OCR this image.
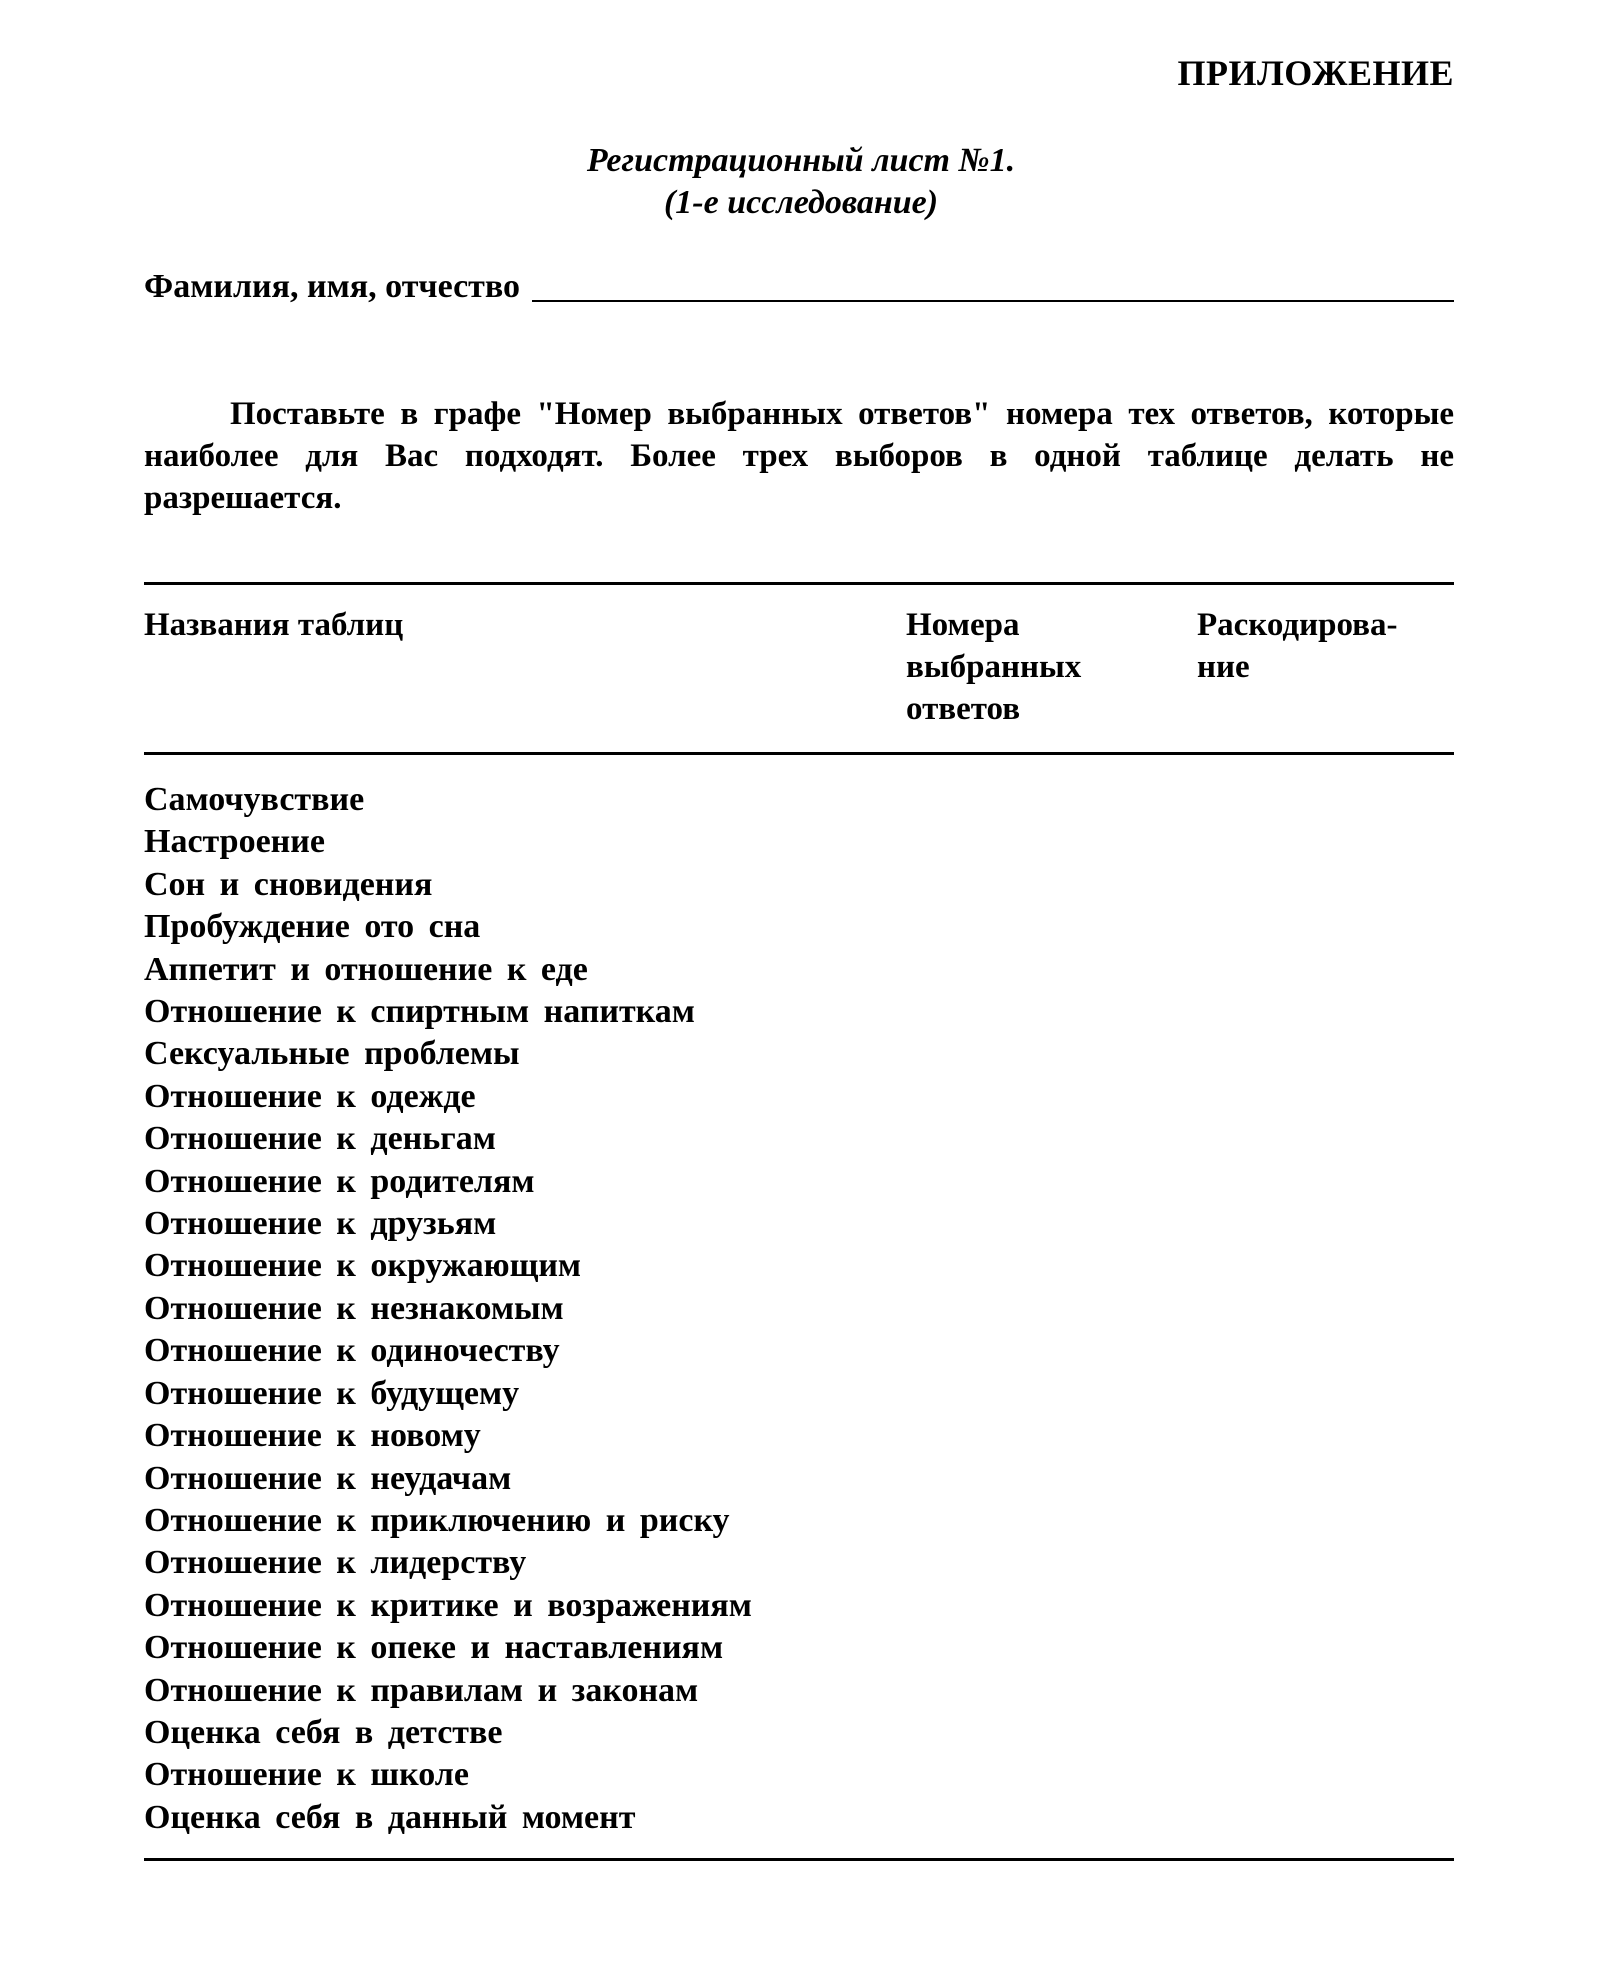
ПРИЛОЖЕНИЕ
Регистрационный лист №1.
(1-е исследование)
Фамилия, имя, отчество
Поставьте в графе "Номер выбранных ответов" номера тех ответов, которые наиболее для Вас подходят. Более трех выборов в одной таблице делать не разрешается.
Названия таблиц	Номера
выбранных
ответов
Раскодирова-
ние
Самочувствие
Настроение
Сон и сновидения
Пробуждение ото сна
Аппетит и отношение к еде
Отношение к спиртным напиткам
Сексуальные проблемы
Отношение к одежде
Отношение к деньгам
Отношение к родителям
Отношение к друзьям
Отношение к окружающим
Отношение к незнакомым
Отношение к одиночеству
Отношение к будущему
Отношение к новому
Отношение к неудачам
Отношение к приключению и риску
Отношение к лидерству
Отношение к критике и возражениям
Отношение к опеке и наставлениям
Отношение к правилам и законам
Оценка себя в детстве
Отношение к школе
Оценка себя в данный момент
